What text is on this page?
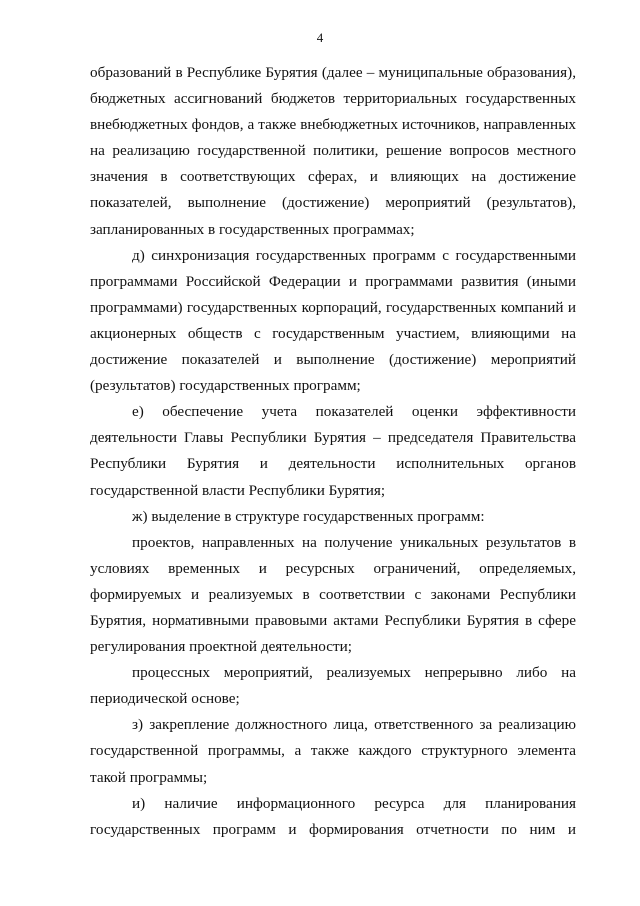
4

образований в Республике Бурятия (далее – муниципальные образования), бюджетных ассигнований бюджетов территориальных государственных внебюджетных фондов, а также внебюджетных источников, направленных на реализацию государственной политики, решение вопросов местного значения в соответствующих сферах, и влияющих на достижение показателей, выполнение (достижение) мероприятий (результатов), запланированных в государственных программах;

д) синхронизация государственных программ с государственными программами Российской Федерации и программами развития (иными программами) государственных корпораций, государственных компаний и акционерных обществ с государственным участием, влияющими на достижение показателей и выполнение (достижение) мероприятий (результатов) государственных программ;

е) обеспечение учета показателей оценки эффективности деятельности Главы Республики Бурятия – председателя Правительства Республики Бурятия и деятельности исполнительных органов государственной власти Республики Бурятия;

ж) выделение в структуре государственных программ:

проектов, направленных на получение уникальных результатов в условиях временных и ресурсных ограничений, определяемых, формируемых и реализуемых в соответствии с законами Республики Бурятия, нормативными правовыми актами Республики Бурятия в сфере регулирования проектной деятельности;

процессных мероприятий, реализуемых непрерывно либо на периодической основе;

з) закрепление должностного лица, ответственного за реализацию государственной программы, а также каждого структурного элемента такой программы;

и) наличие информационного ресурса для планирования государственных программ и формирования отчетности по ним и
